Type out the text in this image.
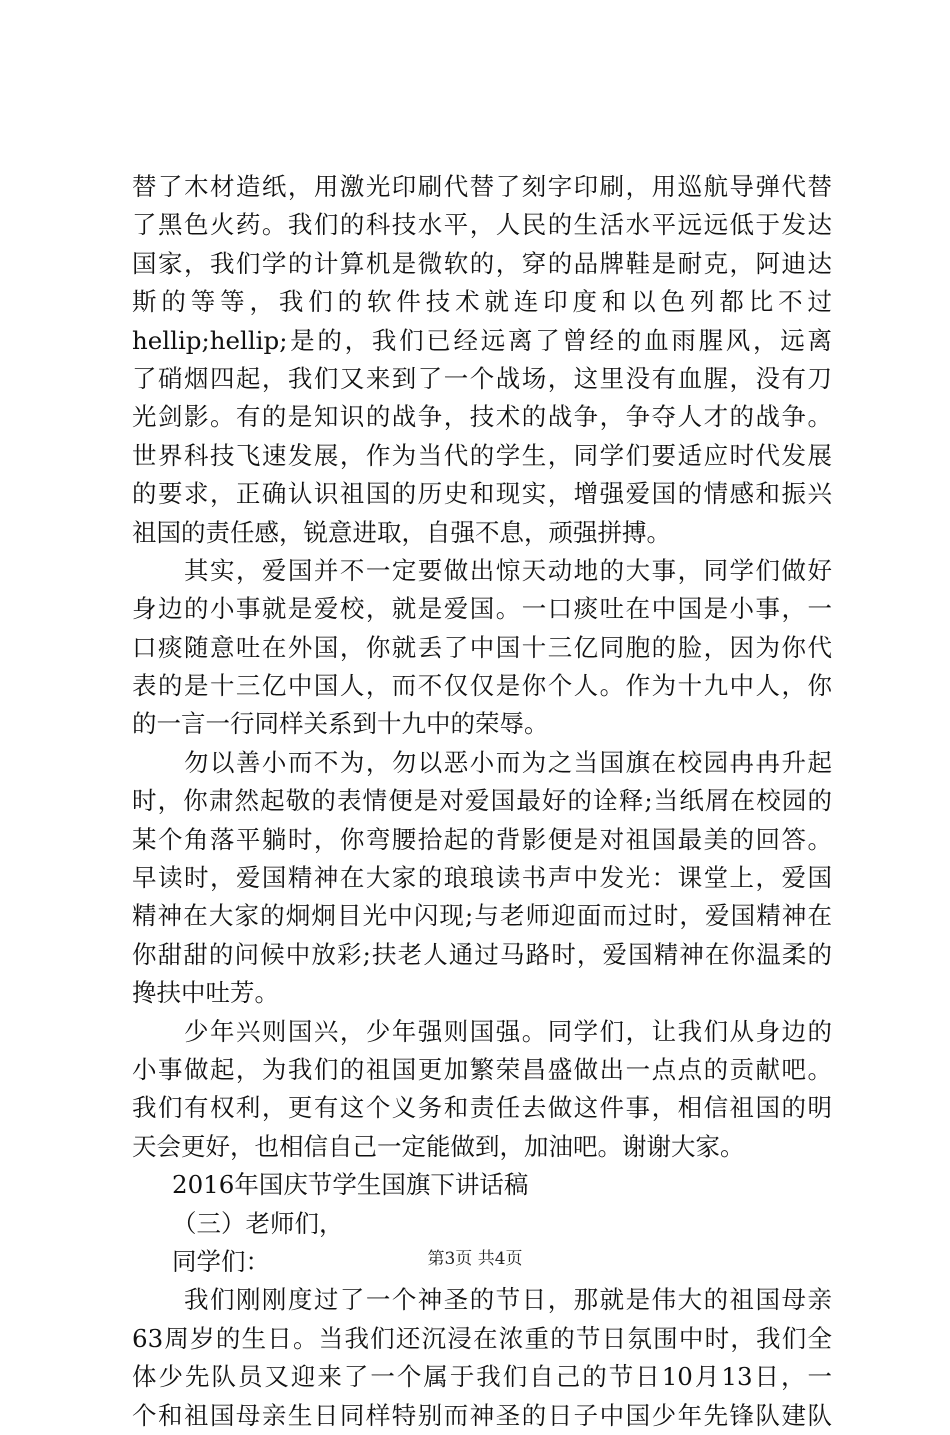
替了木材造纸，用激光印刷代替了刻字印刷，用巡航导弹代替
了黑色火药。我们的科技水平，人民的生活水平远远低于发达
国家，我们学的计算机是微软的，穿的品牌鞋是耐克，阿迪达
斯的等等，我们的软件技术就连印度和以色列都比不过
hellip;hellip;是的，我们已经远离了曾经的血雨腥风，远离
了硝烟四起，我们又来到了一个战场，这里没有血腥，没有刀
光剑影。有的是知识的战争，技术的战争，争夺人才的战争。
世界科技飞速发展，作为当代的学生，同学们要适应时代发展
的要求，正确认识祖国的历史和现实，增强爱国的情感和振兴
祖国的责任感，锐意进取，自强不息，顽强拼搏。
其实，爱国并不一定要做出惊天动地的大事，同学们做好
身边的小事就是爱校，就是爱国。一口痰吐在中国是小事，一
口痰随意吐在外国，你就丢了中国十三亿同胞的脸，因为你代
表的是十三亿中国人，而不仅仅是你个人。作为十九中人，你
的一言一行同样关系到十九中的荣辱。
勿以善小而不为，勿以恶小而为之当国旗在校园冉冉升起
时，你肃然起敬的表情便是对爱国最好的诠释;当纸屑在校园的
某个角落平躺时，你弯腰拾起的背影便是对祖国最美的回答。
早读时，爱国精神在大家的琅琅读书声中发光：课堂上，爱国
精神在大家的炯炯目光中闪现;与老师迎面而过时，爱国精神在
你甜甜的问候中放彩;扶老人通过马路时，爱国精神在你温柔的
搀扶中吐芳。
少年兴则国兴，少年强则国强。同学们，让我们从身边的
小事做起，为我们的祖国更加繁荣昌盛做出一点点的贡献吧。
我们有权利，更有这个义务和责任去做这件事，相信祖国的明
天会更好，也相信自己一定能做到，加油吧。谢谢大家。
2016年国庆节学生国旗下讲话稿
（三）老师们，
同学们：
我们刚刚度过了一个神圣的节日，那就是伟大的祖国母亲
63周岁的生日。当我们还沉浸在浓重的节日氛围中时，我们全
体少先队员又迎来了一个属于我们自己的节日10月13日，一
个和祖国母亲生日同样特别而神圣的日子中国少年先锋队建队
第3页 共4页
